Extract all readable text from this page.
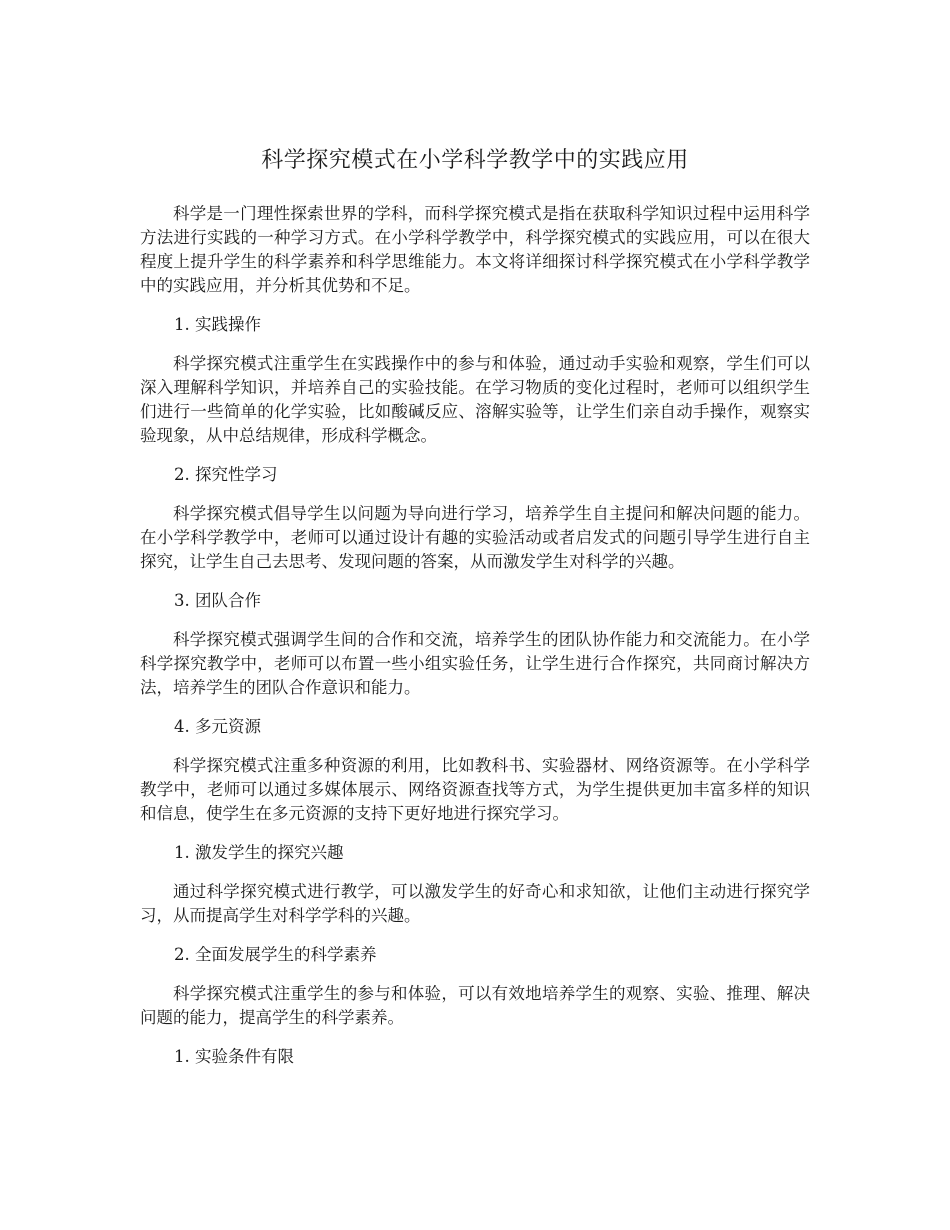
科学探究模式在小学科学教学中的实践应用

科学是一门理性探索世界的学科，而科学探究模式是指在获取科学知识过程中运用科学方法进行实践的一种学习方式。在小学科学教学中，科学探究模式的实践应用，可以在很大程度上提升学生的科学素养和科学思维能力。本文将详细探讨科学探究模式在小学科学教学中的实践应用，并分析其优势和不足。

1. 实践操作

科学探究模式注重学生在实践操作中的参与和体验，通过动手实验和观察，学生们可以深入理解科学知识，并培养自己的实验技能。在学习物质的变化过程时，老师可以组织学生们进行一些简单的化学实验，比如酸碱反应、溶解实验等，让学生们亲自动手操作，观察实验现象，从中总结规律，形成科学概念。

2. 探究性学习

科学探究模式倡导学生以问题为导向进行学习，培养学生自主提问和解决问题的能力。在小学科学教学中，老师可以通过设计有趣的实验活动或者启发式的问题引导学生进行自主探究，让学生自己去思考、发现问题的答案，从而激发学生对科学的兴趣。

3. 团队合作

科学探究模式强调学生间的合作和交流，培养学生的团队协作能力和交流能力。在小学科学探究教学中，老师可以布置一些小组实验任务，让学生进行合作探究，共同商讨解决方法，培养学生的团队合作意识和能力。

4. 多元资源

科学探究模式注重多种资源的利用，比如教科书、实验器材、网络资源等。在小学科学教学中，老师可以通过多媒体展示、网络资源查找等方式，为学生提供更加丰富多样的知识和信息，使学生在多元资源的支持下更好地进行探究学习。

1. 激发学生的探究兴趣

通过科学探究模式进行教学，可以激发学生的好奇心和求知欲，让他们主动进行探究学习，从而提高学生对科学学科的兴趣。

2. 全面发展学生的科学素养

科学探究模式注重学生的参与和体验，可以有效地培养学生的观察、实验、推理、解决问题的能力，提高学生的科学素养。

1. 实验条件有限
